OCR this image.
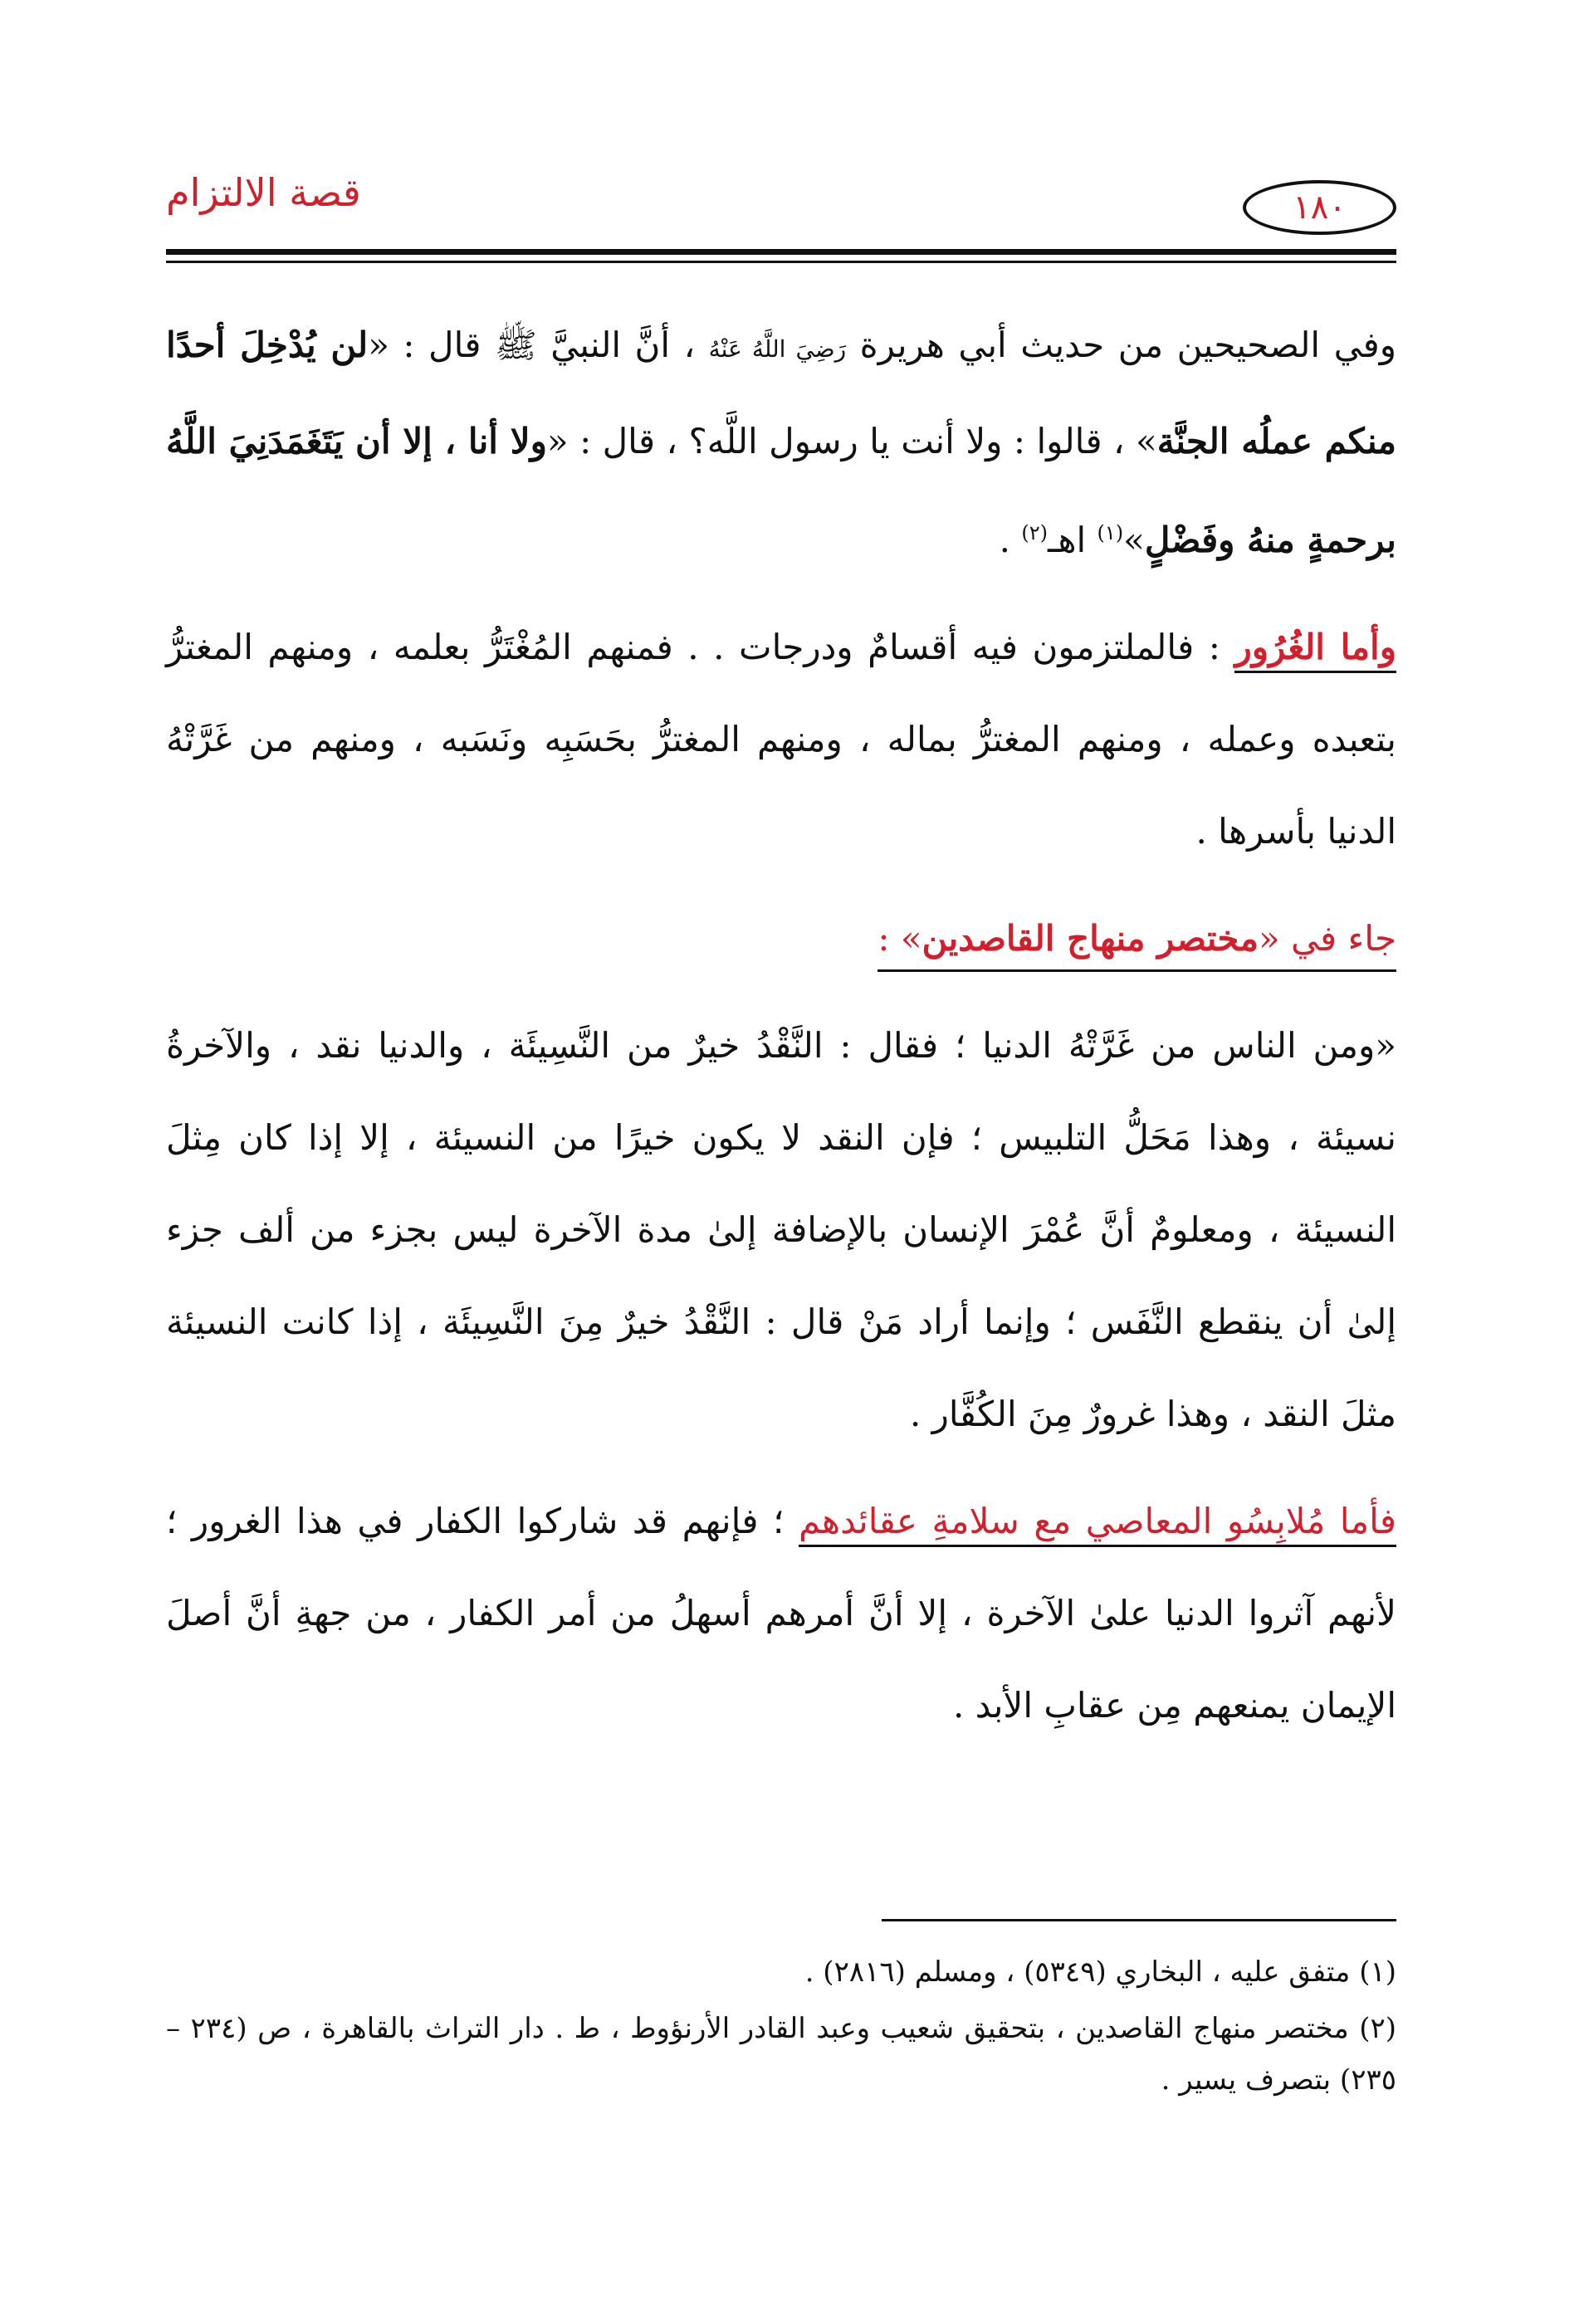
١٨٠
قصة الالتزام

وفي الصحيحين من حديث أبي هريرة رَضِيَ اللَّهُ عَنْهُ ، أنَّ النبيَّ ﷺ قال : «لن يُدْخِلَ أحدًا منكم عملُه الجنَّة» ، قالوا : ولا أنت يا رسول اللَّه؟ ، قال : «ولا أنا ، إلا أن يَتَغَمَدَنِيَ اللَّهُ برحمةٍ منهُ وفَضْلٍ»$^{(١)}$ اهـ$^{(٢)}$ .

وأما الغُرُور : فالملتزمون فيه أقسامٌ ودرجات . . فمنهم المُغْتَرُّ بعلمه ، ومنهم المغترُّ بتعبده وعمله ، ومنهم المغترُّ بماله ، ومنهم المغترُّ بحَسَبِه ونَسَبه ، ومنهم من غَرَّتْهُ الدنيا بأسرها .

جاء في «مختصر منهاج القاصدين» :

«ومن الناس من غَرَّتْهُ الدنيا ؛ فقال : النَّقْدُ خيرٌ من النَّسِيئَة ، والدنيا نقد ، والآخرةُ نسيئة ، وهذا مَحَلُّ التلبيس ؛ فإن النقد لا يكون خيرًا من النسيئة ، إلا إذا كان مِثلَ النسيئة ، ومعلومٌ أنَّ عُمْرَ الإنسان بالإضافة إلىٰ مدة الآخرة ليس بجزء من ألف جزء إلىٰ أن ينقطع النَّفَس ؛ وإنما أراد مَنْ قال : النَّقْدُ خيرٌ مِنَ النَّسِيئَة ، إذا كانت النسيئة مثلَ النقد ، وهذا غرورٌ مِنَ الكُفَّار .

فأما مُلابِسُو المعاصي مع سلامةِ عقائدهم ؛ فإنهم قد شاركوا الكفار في هذا الغرور ؛ لأنهم آثروا الدنيا علىٰ الآخرة ، إلا أنَّ أمرهم أسهلُ من أمر الكفار ، من جهةِ أنَّ أصلَ الإيمان يمنعهم مِن عقابِ الأبد .

(١) متفق عليه ، البخاري (٥٣٤٩) ، ومسلم (٢٨١٦) .

(٢) مختصر منهاج القاصدين ، بتحقيق شعيب وعبد القادر الأرنؤوط ، ط . دار التراث بالقاهرة ، ص (٢٣٤ – ٢٣٥) بتصرف يسير .
